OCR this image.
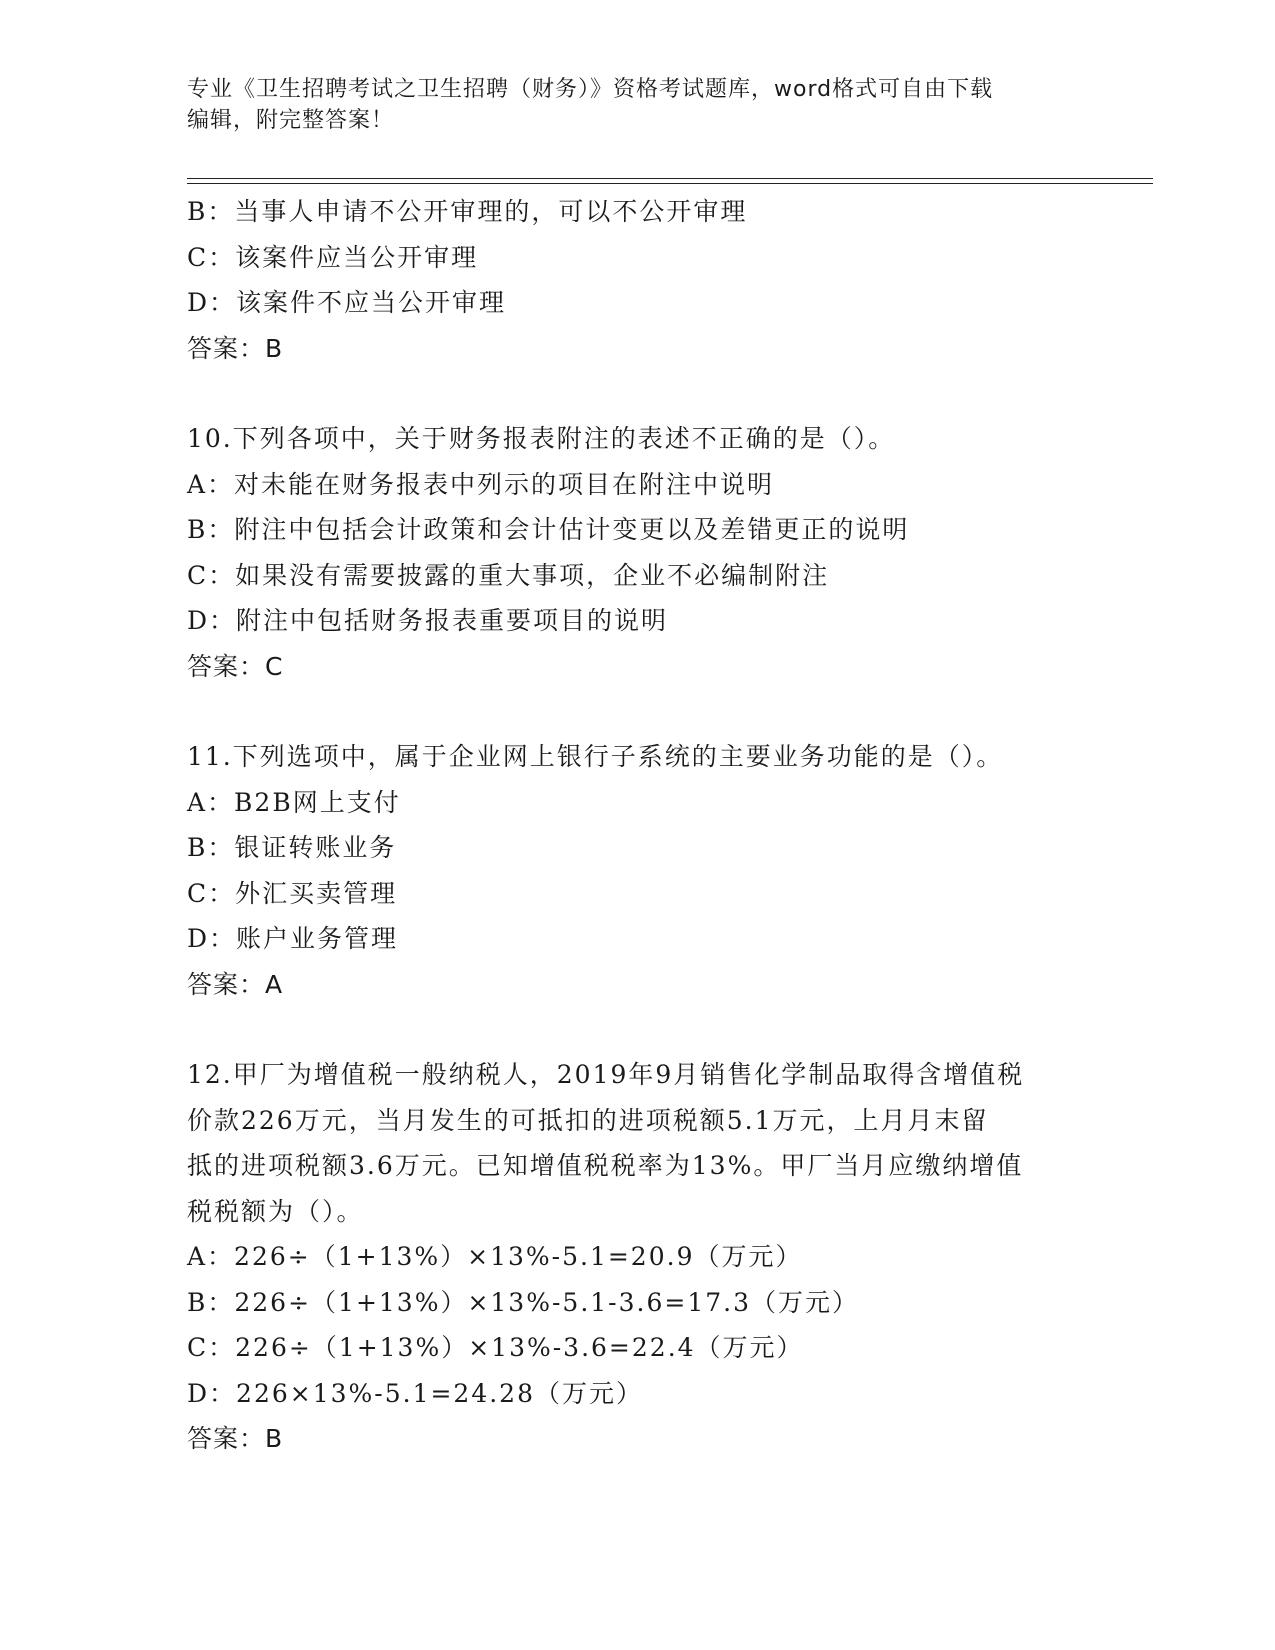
专业《卫生招聘考试之卫生招聘（财务）》资格考试题库，word格式可自由下载
编辑，附完整答案！
B：当事人申请不公开审理的，可以不公开审理
C：该案件应当公开审理
D：该案件不应当公开审理
答案：B
10.下列各项中，关于财务报表附注的表述不正确的是（）。
A：对未能在财务报表中列示的项目在附注中说明
B：附注中包括会计政策和会计估计变更以及差错更正的说明
C：如果没有需要披露的重大事项，企业不必编制附注
D：附注中包括财务报表重要项目的说明
答案：C
11.下列选项中，属于企业网上银行子系统的主要业务功能的是（）。
A：B2B网上支付
B：银证转账业务
C：外汇买卖管理
D：账户业务管理
答案：A
12.甲厂为增值税一般纳税人，2019年9月销售化学制品取得含增值税
价款226万元，当月发生的可抵扣的进项税额5.1万元，上月月末留
抵的进项税额3.6万元。已知增值税税率为13%。甲厂当月应缴纳增值
税税额为（）。
A：226÷（1+13%）×13%-5.1=20.9（万元）
B：226÷（1+13%）×13%-5.1-3.6=17.3（万元）
C：226÷（1+13%）×13%-3.6=22.4（万元）
D：226×13%-5.1=24.28（万元）
答案：B
